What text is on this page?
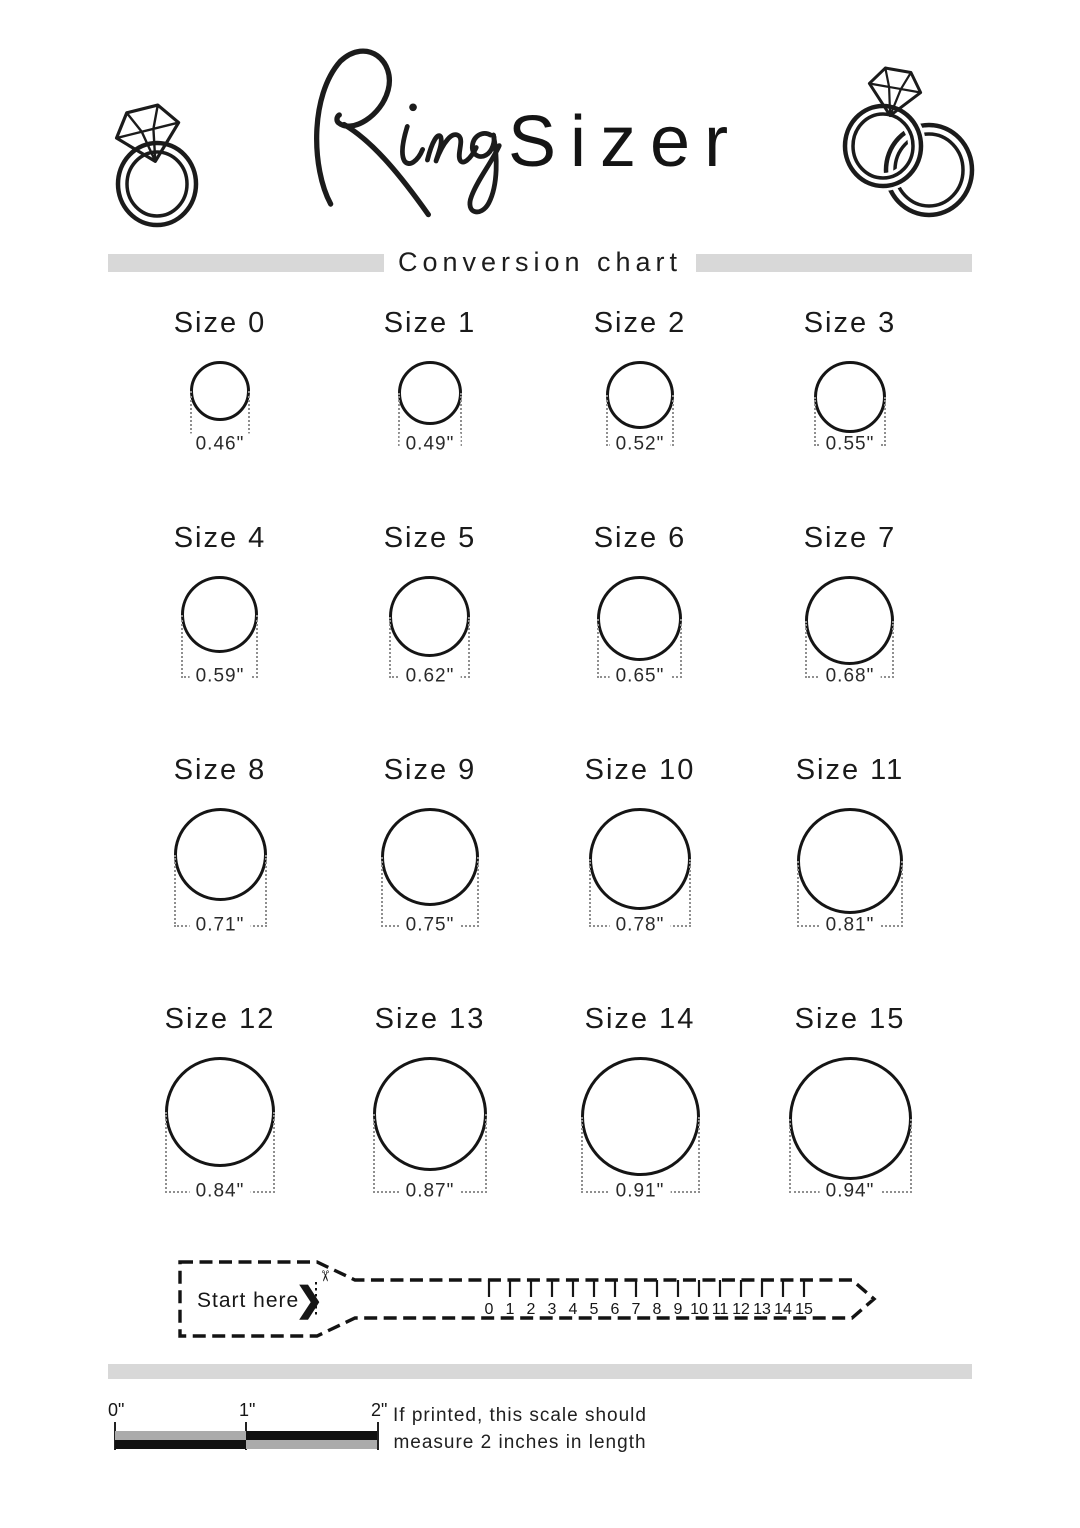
Sizer
Conversion chart
Size 0
0.46"
Size 1
0.49"
Size 2
0.52"
Size 3
0.55"
Size 4
0.59"
Size 5
0.62"
Size 6
0.65"
Size 7
0.68"
Size 8
0.71"
Size 9
0.75"
Size 10
0.78"
Size 11
0.81"
Size 12
0.84"
Size 13
0.87"
Size 14
0.91"
Size 15
0.94"
✂
Start here
❯	0 1 2 3 4 5 6 7 8 9 10 11 12 13 14 15
0"	1"	2" If printed, this scale should
measure 2 inches in length
